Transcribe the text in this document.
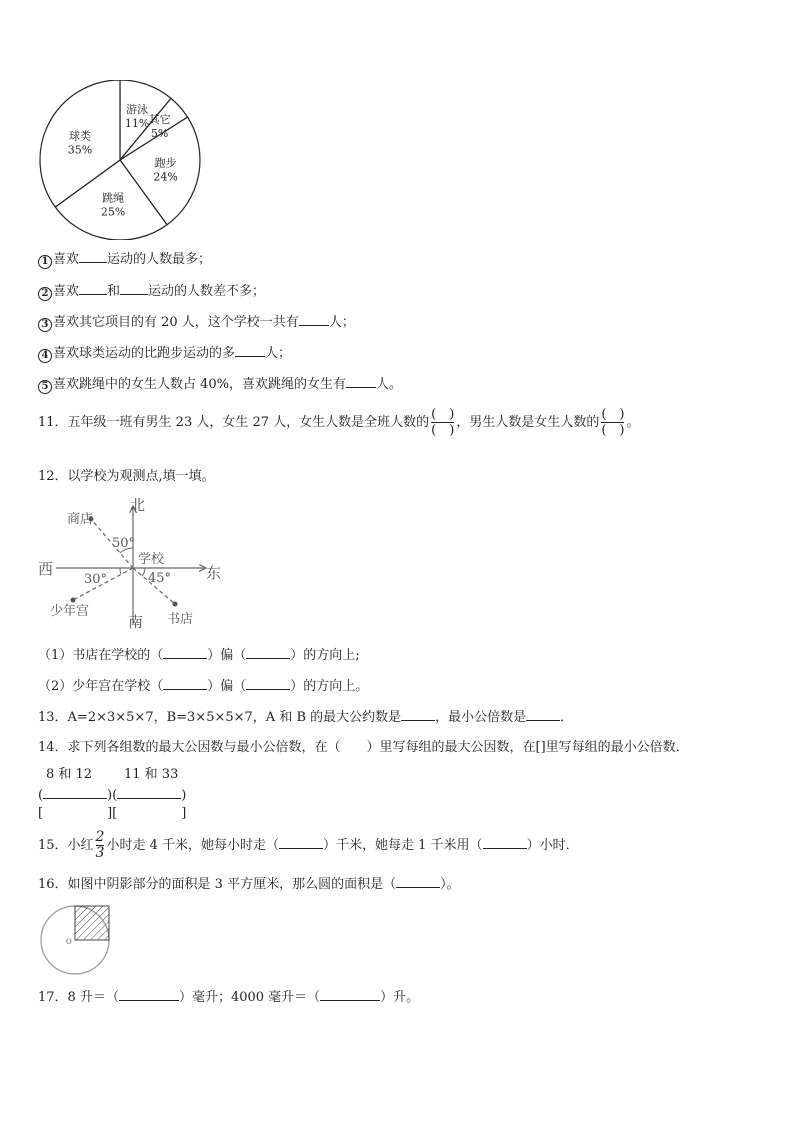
游泳
11% 其它
5%
跑步
24%
跳绳
25%
球类
35%
1 喜欢 运动的人数最多；
2 喜欢 和 运动的人数差不多；
3 喜欢其它项目的有 20 人，这个学校一共有 人；
4 喜欢球类运动的比跑步运动的多 人；
5 喜欢跳绳中的女生人数占 40%，喜欢跳绳的女生有 人。
11．五年级一班有男生 23 人，女生 27 人，女生人数是全班人数的 $\frac{( )}{( )}$ ，男生人数是女生人数的 $\frac{( )}{( )}$ 。
12．以学校为观测点,填一填。
北
南
西	东
学校
商店
少年宫
书店
50°
30°	45°
（1）书店在学校的（	）偏（	）的方向上;
（2）少年宫在学校（	）偏（	）的方向上。
13．A=2×3×5×7，B=3×5×5×7，A 和 B 的最大公约数是	，最小公倍数是	．
14．求下列各组数的最大公因数与最小公倍数，在（　　）里写每组的最大公因数，在[]里写每组的最小公倍数．
8 和 12 11 和 33
(	)(	)
[	][	]
15．小红 $\frac{2}{3}$ 小时走 4 千米，她每小时走（	）千米，她每走 1 千米用（	）小时．
16．如图中阴影部分的面积是 3 平方厘米，那么圆的面积是（	）。
O
17．8 升＝（	）毫升；4000 毫升＝（	）升。
